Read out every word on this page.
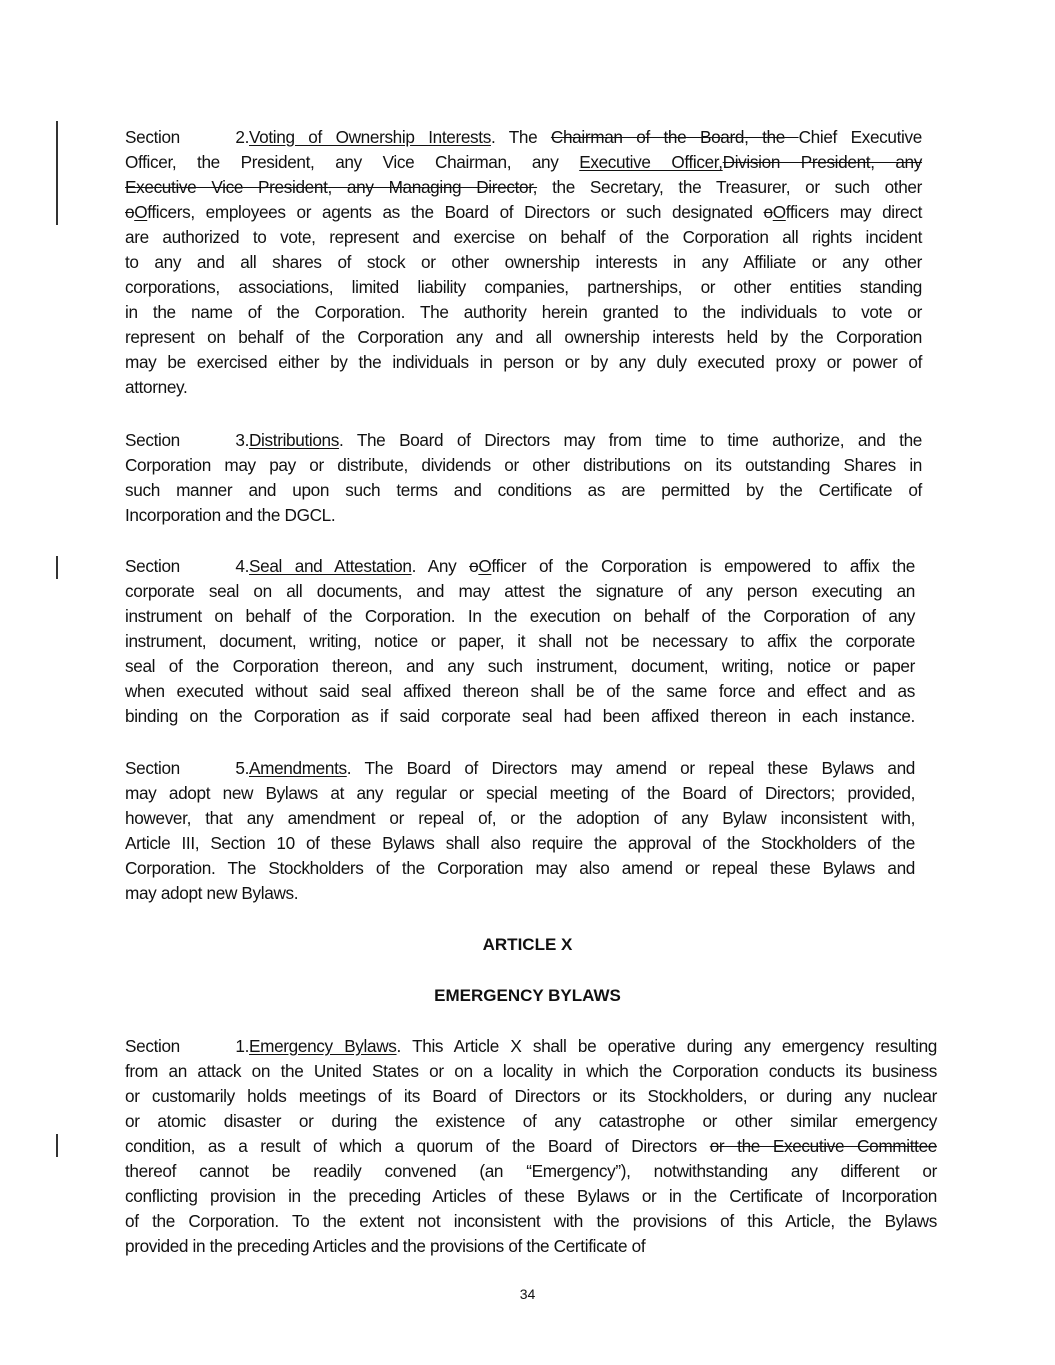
Section 2.Voting of Ownership Interests. The Chairman of the Board, the Chief Executive
Officer, the President, any Vice Chairman, any Executive Officer,Division President, any
Executive Vice President, any Managing Director, the Secretary, the Treasurer, or such other
oOfficers, employees or agents as the Board of Directors or such designated oOfficers may direct
are authorized to vote, represent and exercise on behalf of the Corporation all rights incident
to any and all shares of stock or other ownership interests in any Affiliate or any other
corporations, associations, limited liability companies, partnerships, or other entities standing
in the name of the Corporation. The authority herein granted to the individuals to vote or
represent on behalf of the Corporation any and all ownership interests held by the Corporation
may be exercised either by the individuals in person or by any duly executed proxy or power of
attorney.
Section 3.Distributions. The Board of Directors may from time to time authorize, and the
Corporation may pay or distribute, dividends or other distributions on its outstanding Shares in
such manner and upon such terms and conditions as are permitted by the Certificate of
Incorporation and the DGCL.
Section 4.Seal and Attestation. Any oOfficer of the Corporation is empowered to affix the
corporate seal on all documents, and may attest the signature of any person executing an
instrument on behalf of the Corporation. In the execution on behalf of the Corporation of any
instrument, document, writing, notice or paper, it shall not be necessary to affix the corporate
seal of the Corporation thereon, and any such instrument, document, writing, notice or paper
when executed without said seal affixed thereon shall be of the same force and effect and as
binding on the Corporation as if said corporate seal had been affixed thereon in each instance.
Section 5.Amendments. The Board of Directors may amend or repeal these Bylaws and
may adopt new Bylaws at any regular or special meeting of the Board of Directors; provided,
however, that any amendment or repeal of, or the adoption of any Bylaw inconsistent with,
Article III, Section 10 of these Bylaws shall also require the approval of the Stockholders of the
Corporation. The Stockholders of the Corporation may also amend or repeal these Bylaws and
may adopt new Bylaws.
ARTICLE X
EMERGENCY BYLAWS
Section 1.Emergency Bylaws. This Article X shall be operative during any emergency resulting
from an attack on the United States or on a locality in which the Corporation conducts its business
or customarily holds meetings of its Board of Directors or its Stockholders, or during any nuclear
or atomic disaster or during the existence of any catastrophe or other similar emergency
condition, as a result of which a quorum of the Board of Directors or the Executive Committee
thereof cannot be readily convened (an “Emergency”), notwithstanding any different or
conflicting provision in the preceding Articles of these Bylaws or in the Certificate of Incorporation
of the Corporation. To the extent not inconsistent with the provisions of this Article, the Bylaws
provided in the preceding Articles and the provisions of the Certificate of
34
